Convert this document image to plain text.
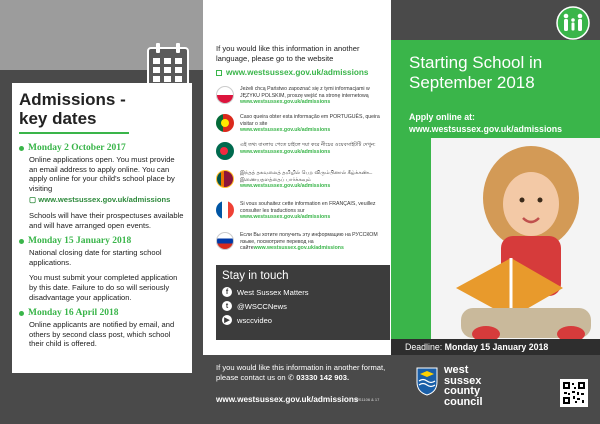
Admissions -
key dates
Monday 2 October 2017

Online applications open. You must provide an email address to apply online. You can apply online for your child's school place by visiting

▢ www.westsussex.gov.uk/admissions

Schools will have their prospectuses available and will have arranged open events.

Monday 15 January 2018

National closing date for starting school applications.

You must submit your completed application by this date. Failure to do so will seriously disadvantage your application.

Monday 16 April 2018

Online applicants are notified by email, and others by second class post, which school their child is offered.

If you would like this information in another language, please go to the website
www.westsussex.gov.uk/admissions
Jeżeli chcą Państwo zapoznać się z tymi informacjami w JĘZYKU POLSKIM, proszę wejść na stronę internetową
www.westsussex.gov.uk/admissions
Caso queira obter esta informação em PORTUGUÊS, queira visitar o site
www.westsussex.gov.uk/admissions
এই তথ্য বাংলায় পেতে চাইলে দয়া করে নীচের ওয়েবসাইটটি দেখুন:
www.westsussex.gov.uk/admissions
இந்தத் தகவலைத் தமிழில் பெற விரும்பினால் கீழ்க்கண்ட இணையதளத்தைப் பார்க்கவும்
www.westsussex.gov.uk/admissions
Si vous souhaitez cette information en FRANÇAIS, veuillez consulter les traductions sur
www.westsussex.gov.uk/admissions
Если Вы хотите получить эту информацию на РУССКОМ языке, посмотрите перевод на сайтеwww.westsussex.gov.uk/admissions
Stay in touch
f	West Sussex Matters
t	@WSCCNews
▶ wsccvideo
Starting School in
September 2018
Apply online at:
www.westsussex.gov.uk/admissions
Deadline: Monday 15 January 2018
If you would like this information in another format, please contact us on ✆ 03330 142 903.
www.westsussex.gov.uk/admissions
WS1106 & 17
west
sussex
county
council
